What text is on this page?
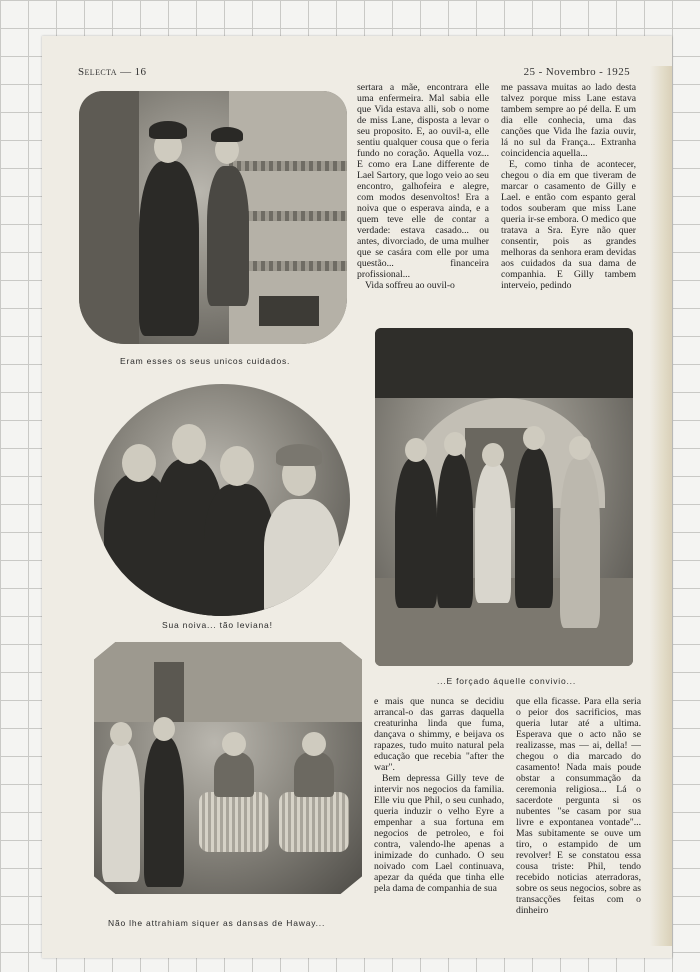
Selecta — 16	25 - Novembro - 1925
Eram esses os seus unicos cuidados.
Sua noiva... tão leviana!
...E forçado áquelle convivio...
Não lhe attrahiam siquer as dansas de Haway...

sertara a mãe, encontrara elle uma enfermeira. Mal sabia elle que Vida estava alli, sob o nome de miss Lane, disposta a levar o seu proposito. E, ao ouvil-a, elle sentiu qualquer cousa que o feria fundo no coração. Aquella voz... E como era Lane differente de Lael Sartory, que logo veio ao seu encontro, galhofeira e alegre, com modos desenvoltos! Era a noiva que o esperava ainda, e a quem teve elle de contar a verdade: estava casado... ou antes, divorciado, de uma mulher que se casára com elle por uma questão... financeira profissional...

Vida soffreu ao ouvil-o

me passava muitas ao lado desta talvez porque miss Lane estava tambem sempre ao pé della. E um dia elle conhecia, uma das canções que Vida lhe fazia ouvir, lá no sul da França... Extranha coincidencia aquella...

E, como tinha de acontecer, chegou o dia em que tiveram de marcar o casamento de Gilly e Lael. e então com espanto geral todos souberam que miss Lane queria ir-se embora. O medico que tratava a Sra. Eyre não quer consentir, pois as grandes melhoras da senhora eram devidas aos cuidados da sua dama de companhia. E Gilly tambem interveio, pedindo

e mais que nunca se decidiu arrancal-o das garras daquella creaturinha linda que fuma, dançava o shimmy, e beijava os rapazes, tudo muito natural pela educação que recebia "after the war".

Bem depressa Gilly teve de intervir nos negocios da familia. Elle viu que Phil, o seu cunhado, queria induzir o velho Eyre a empenhar a sua fortuna em negocios de petroleo, e foi contra, valendo-lhe apenas a inimizade do cunhado. O seu noivado com Lael continuava, apezar da quéda que tinha elle pela dama de companhia de sua

que ella ficasse. Para ella seria o peior dos sacrificios, mas queria lutar até a ultima. Esperava que o acto não se realizasse, mas — ai, della! — chegou o dia marcado do casamento! Nada mais poude obstar a consummação da ceremonia religiosa... Lá o sacerdote pergunta si os nubentes "se casam por sua livre e expontanea vontade"... Mas subitamente se ouve um tiro, o estampido de um revolver! E se constatou essa cousa triste: Phil, tendo recebido noticias aterradoras, sobre os seus negocios, sobre as transacções feitas com o dinheiro
